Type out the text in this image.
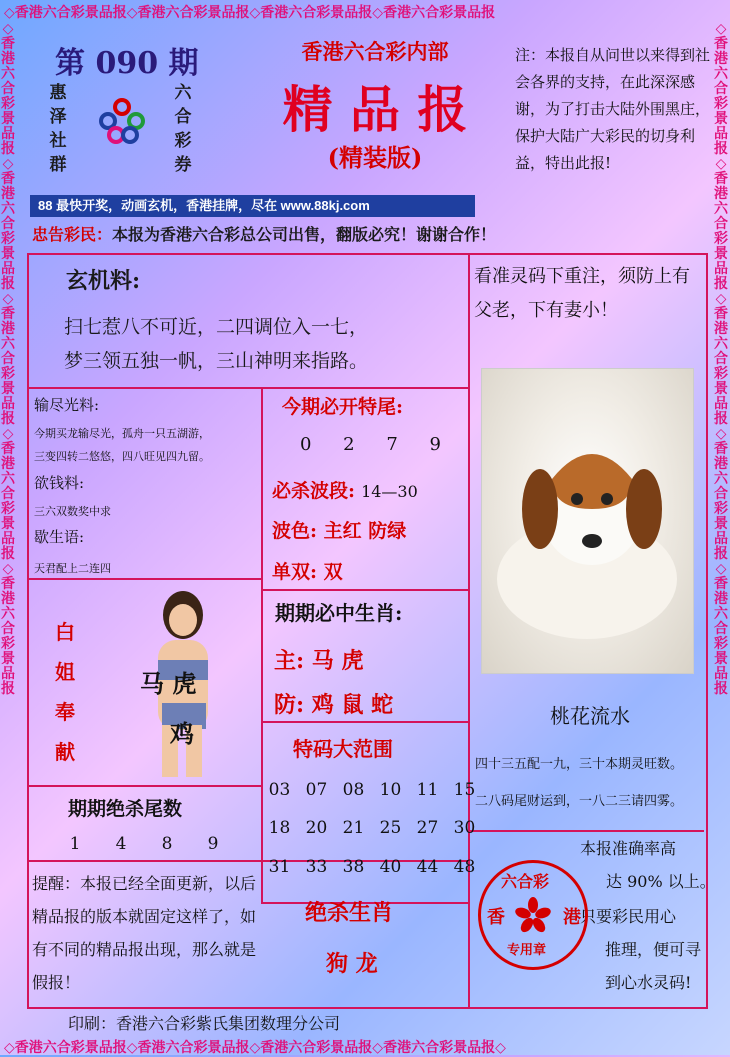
◇香港六合彩景品报◇香港六合彩景品报◇香港六合彩景品报◇香港六合彩景品报
◇香港六合彩景品报◇香港六合彩景品报◇香港六合彩景品报◇香港六合彩景品报◇
◇香港六合彩景品报◇香港六合彩景品报◇香港六合彩景品报◇香港六合彩景品报◇香港六合彩景品报
◇香港六合彩景品报◇香港六合彩景品报◇香港六合彩景品报◇香港六合彩景品报◇香港六合彩景品报
第 090 期
惠
泽
社
群
六
合
彩
券
香港六合彩内部
精 品 报
(精装版)
注：本报自从问世以来得到社会各界的支持，在此深深感谢，为了打击大陆外围黑庄，保护大陆广大彩民的切身利益，特出此报!
88 最快开奖，动画玄机，香港挂牌，尽在 www.88kj.com
忠告彩民：本报为香港六合彩总公司出售，翻版必究！谢谢合作！
玄机料:
扫七惹八不可近，二四调位入一七，
梦三领五独一帆，三山神明来指路。
看准灵码下重注，须防上有父老，下有妻小！
输尽光料:
今期买龙输尽光，孤舟一只五湖游，
三变四转二悠悠，四八旺见四九留。
欲钱料:
三六双数奖中求
歇生语:
天君配上二连四
今期必开特尾:
0 2 7 9
必杀波段: 14—30
波色: 主红 防绿
单双: 双
白
姐
奉
献
马 虎
鸡
期期必中生肖:
主: 马 虎
防: 鸡 鼠 蛇
特码大范围
03 07 08 10 11 15
18 20 21 25 27 30
31 33 38 40 44 48
期期绝杀尾数
1 4 8 9
提醒：本报已经全面更新，以后精品报的版本就固定这样了，如有不同的精品报出现，那么就是假报！
绝杀生肖
狗 龙
桃花流水
四十三五配一九，三十本期灵旺数。
二八码尾财运到，一八二三请四雾。
本报准确率高
达 90% 以上。
只要彩民用心
推理，便可寻
到心水灵码!
六合彩
香	港
专用章
印刷：香港六合彩紫氏集团数理分公司
